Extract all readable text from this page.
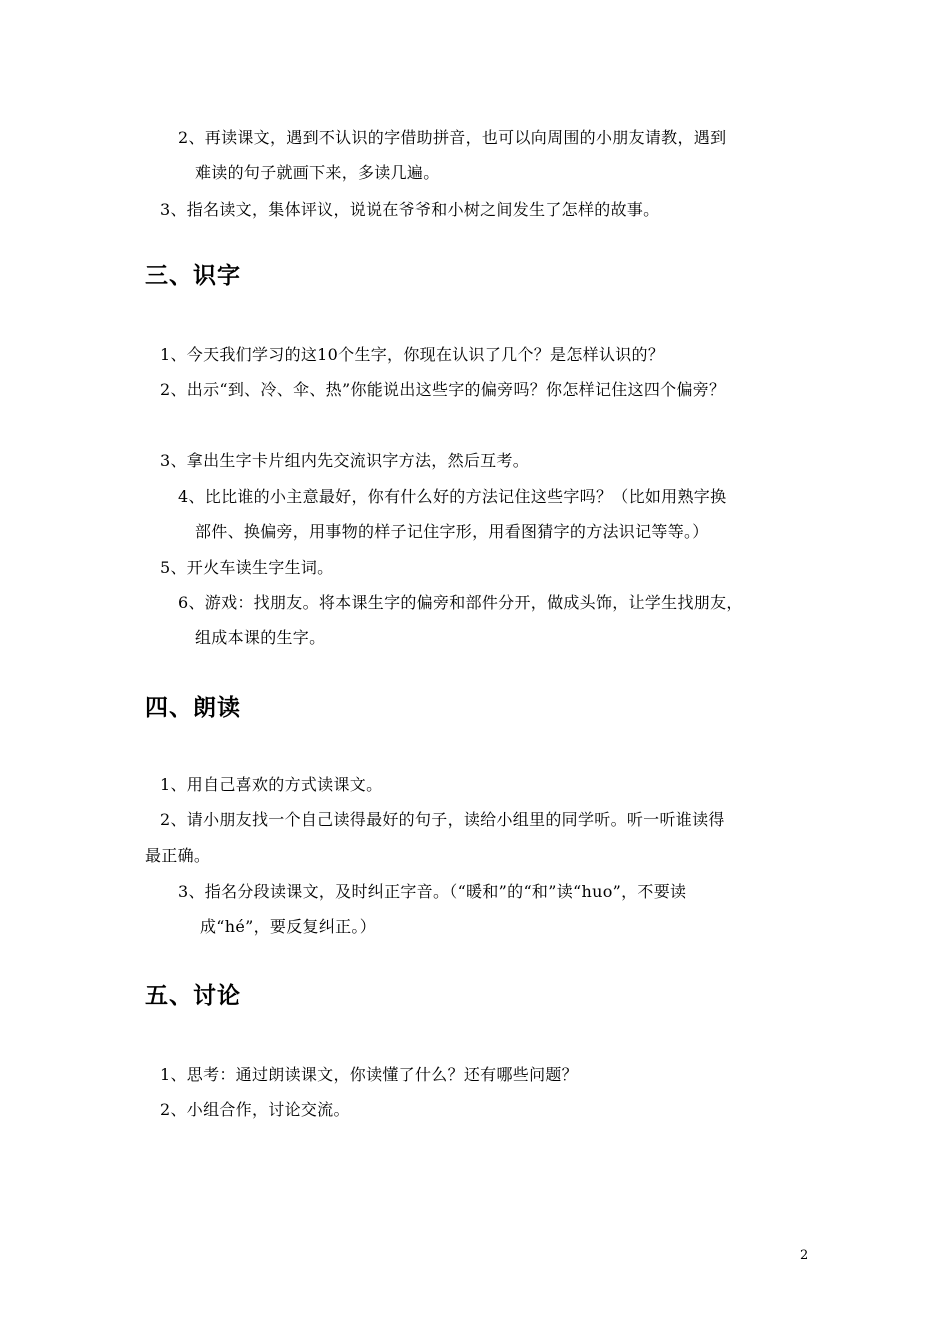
2、再读课文，遇到不认识的字借助拼音，也可以向周围的小朋友请教，遇到
难读的句子就画下来，多读几遍。
3、指名读文，集体评议，说说在爷爷和小树之间发生了怎样的故事。
三、识字
1、今天我们学习的这10个生字，你现在认识了几个？是怎样认识的？
2、出示“到、冷、伞、热”你能说出这些字的偏旁吗？你怎样记住这四个偏旁？
3、拿出生字卡片组内先交流识字方法，然后互考。
4、比比谁的小主意最好，你有什么好的方法记住这些字吗？（比如用熟字换
部件、换偏旁，用事物的样子记住字形，用看图猜字的方法识记等等。）
5、开火车读生字生词。
6、游戏：找朋友。将本课生字的偏旁和部件分开，做成头饰，让学生找朋友，
组成本课的生字。
四、朗读
1、用自己喜欢的方式读课文。
2、请小朋友找一个自己读得最好的句子，读给小组里的同学听。听一听谁读得
最正确。
3、指名分段读课文，及时纠正字音。（“暖和”的“和”读“huo”，不要读
成“hé”，要反复纠正。）
五、讨论
1、思考：通过朗读课文，你读懂了什么？还有哪些问题？
2、小组合作，讨论交流。
2
